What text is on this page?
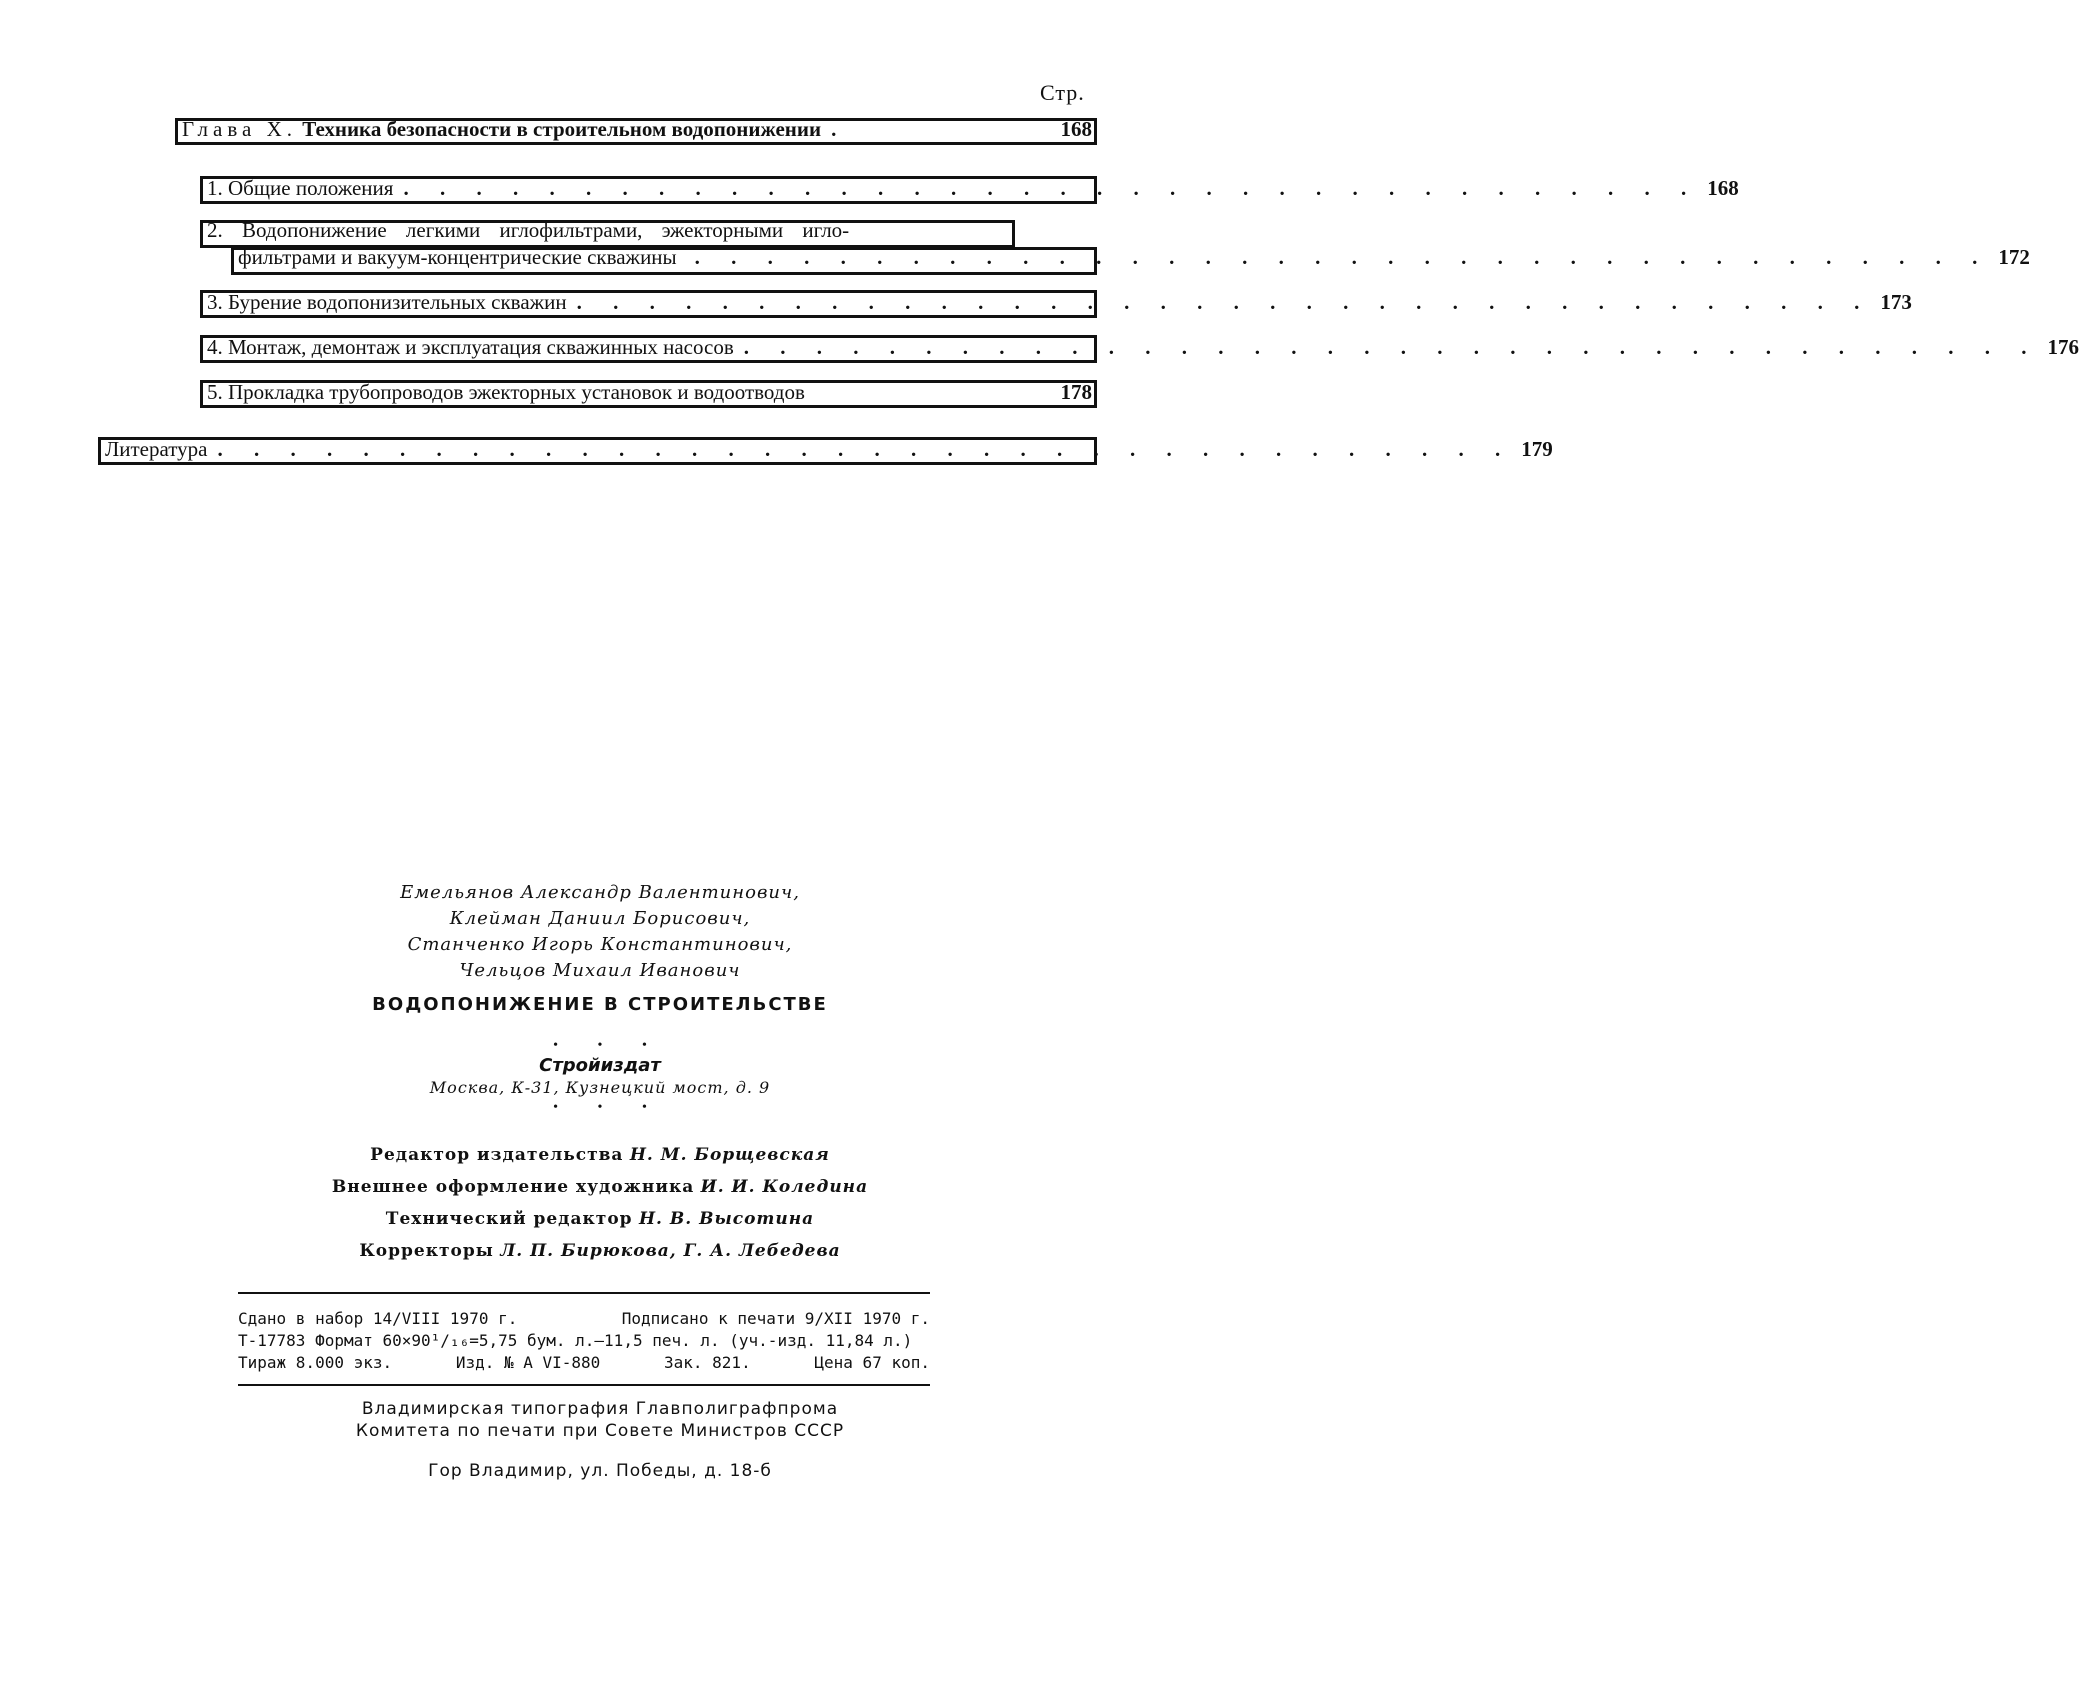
Стр.
Глава X. Техника безопасности в строительном водопонижении .	168
1. Общие положения . . . . . . . . . . . . . . . . . . . . . . . . . . . . . . . . . . . . 168
2. Водопонижение легкими иглофильтрами, эжекторными игло-
фильтрами и вакуум-концентрические скважины . . . . . . . . . . . . . . . . . . . . . . . . . . . . . . . . . . . . 172
3. Бурение водопонизительных скважин . . . . . . . . . . . . . . . . . . . . . . . . . . . . . . . . . . . . 173
4. Монтаж, демонтаж и эксплуатация скважинных насосов . . . . . . . . . . . . . . . . . . . . . . . . . . . . . . . . . . . . 176
5. Прокладка трубопроводов эжекторных установок и водоотводов	178
Литература . . . . . . . . . . . . . . . . . . . . . . . . . . . . . . . . . . . . 179
Емельянов Александр Валентинович,
Клейман Даниил Борисович,
Станченко Игорь Константинович,
Чельцов Михаил Иванович
ВОДОПОНИЖЕНИЕ В СТРОИТЕЛЬСТВЕ
• • •
Стройиздат
Москва, К-31, Кузнецкий мост, д. 9
• • •
Редактор издательства Н. М. Борщевская
Внешнее оформление художника И. И. Коледина
Технический редактор Н. В. Высотина
Корректоры Л. П. Бирюкова, Г. А. Лебедева
Сдано в набор 14/VIII 1970 г.	Подписано к печати 9/XII 1970 г.
Т-17783 Формат 60×90¹/₁₆=5,75 бум. л.—11,5 печ. л. (уч.-изд. 11,84 л.)
Тираж 8.000 экз.	Изд. № A VI-880	Зак. 821.	Цена 67 коп.
Владимирская типография Главполиграфпрома
Комитета по печати при Совете Министров СССР
Гор Владимир, ул. Победы, д. 18-б
